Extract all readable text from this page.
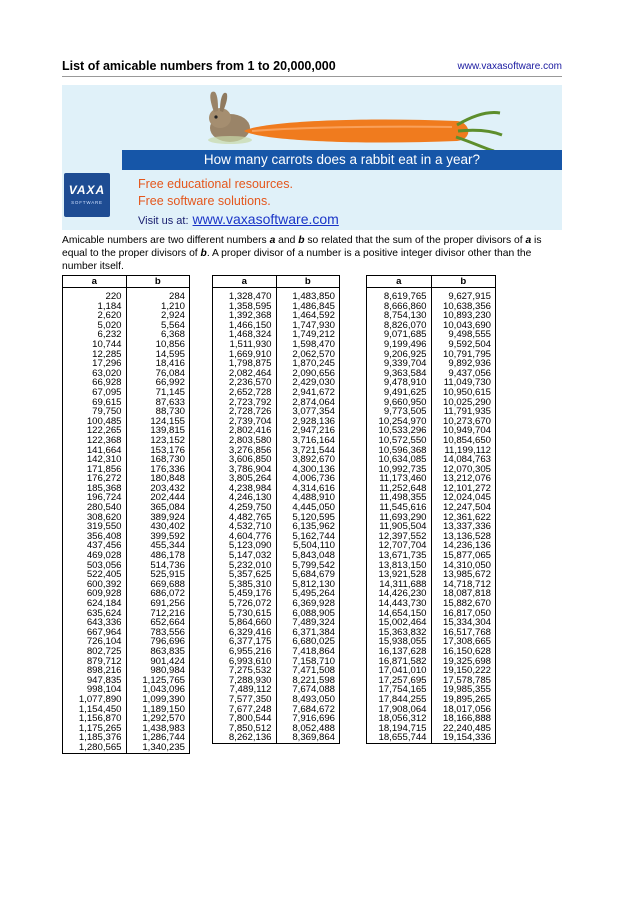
List of amicable numbers from 1 to 20,000,000	www.vaxasoftware.com
How many carrots does a rabbit eat in a year?
VAXA
SOFTWARE
Free educational resources.
Free software solutions.
Visit us at: www.vaxasoftware.com
Amicable numbers are two different numbers a and b so related that the sum of the proper divisors of a is equal to the proper divisors of b. A proper divisor of a number is a positive integer divisor other than the number itself.
a	b

220	284
1,184	1,210
2,620	2,924
5,020	5,564
6,232	6,368
10,744	10,856
12,285	14,595
17,296	18,416
63,020	76,084
66,928	66,992
67,095	71,145
69,615	87,633
79,750	88,730
100,485	124,155
122,265	139,815
122,368	123,152
141,664	153,176
142,310	168,730
171,856	176,336
176,272	180,848
185,368	203,432
196,724	202,444
280,540	365,084
308,620	389,924
319,550	430,402
356,408	399,592
437,456	455,344
469,028	486,178
503,056	514,736
522,405	525,915
600,392	669,688
609,928	686,072
624,184	691,256
635,624	712,216
643,336	652,664
667,964	783,556
726,104	796,696
802,725	863,835
879,712	901,424
898,216	980,984
947,835	1,125,765
998,104	1,043,096
1,077,890	1,099,390
1,154,450	1,189,150
1,156,870	1,292,570
1,175,265	1,438,983
1,185,376	1,286,744
1,280,565	1,340,235
a	b

1,328,470	1,483,850
1,358,595	1,486,845
1,392,368	1,464,592
1,466,150	1,747,930
1,468,324	1,749,212
1,511,930	1,598,470
1,669,910	2,062,570
1,798,875	1,870,245
2,082,464	2,090,656
2,236,570	2,429,030
2,652,728	2,941,672
2,723,792	2,874,064
2,728,726	3,077,354
2,739,704	2,928,136
2,802,416	2,947,216
2,803,580	3,716,164
3,276,856	3,721,544
3,606,850	3,892,670
3,786,904	4,300,136
3,805,264	4,006,736
4,238,984	4,314,616
4,246,130	4,488,910
4,259,750	4,445,050
4,482,765	5,120,595
4,532,710	6,135,962
4,604,776	5,162,744
5,123,090	5,504,110
5,147,032	5,843,048
5,232,010	5,799,542
5,357,625	5,684,679
5,385,310	5,812,130
5,459,176	5,495,264
5,726,072	6,369,928
5,730,615	6,088,905
5,864,660	7,489,324
6,329,416	6,371,384
6,377,175	6,680,025
6,955,216	7,418,864
6,993,610	7,158,710
7,275,532	7,471,508
7,288,930	8,221,598
7,489,112	7,674,088
7,577,350	8,493,050
7,677,248	7,684,672
7,800,544	7,916,696
7,850,512	8,052,488
8,262,136	8,369,864
a	b

8,619,765	9,627,915
8,666,860	10,638,356
8,754,130	10,893,230
8,826,070	10,043,690
9,071,685	9,498,555
9,199,496	9,592,504
9,206,925	10,791,795
9,339,704	9,892,936
9,363,584	9,437,056
9,478,910	11,049,730
9,491,625	10,950,615
9,660,950	10,025,290
9,773,505	11,791,935
10,254,970	10,273,670
10,533,296	10,949,704
10,572,550	10,854,650
10,596,368	11,199,112
10,634,085	14,084,763
10,992,735	12,070,305
11,173,460	13,212,076
11,252,648	12,101,272
11,498,355	12,024,045
11,545,616	12,247,504
11,693,290	12,361,622
11,905,504	13,337,336
12,397,552	13,136,528
12,707,704	14,236,136
13,671,735	15,877,065
13,813,150	14,310,050
13,921,528	13,985,672
14,311,688	14,718,712
14,426,230	18,087,818
14,443,730	15,882,670
14,654,150	16,817,050
15,002,464	15,334,304
15,363,832	16,517,768
15,938,055	17,308,665
16,137,628	16,150,628
16,871,582	19,325,698
17,041,010	19,150,222
17,257,695	17,578,785
17,754,165	19,985,355
17,844,255	19,895,265
17,908,064	18,017,056
18,056,312	18,166,888
18,194,715	22,240,485
18,655,744	19,154,336
